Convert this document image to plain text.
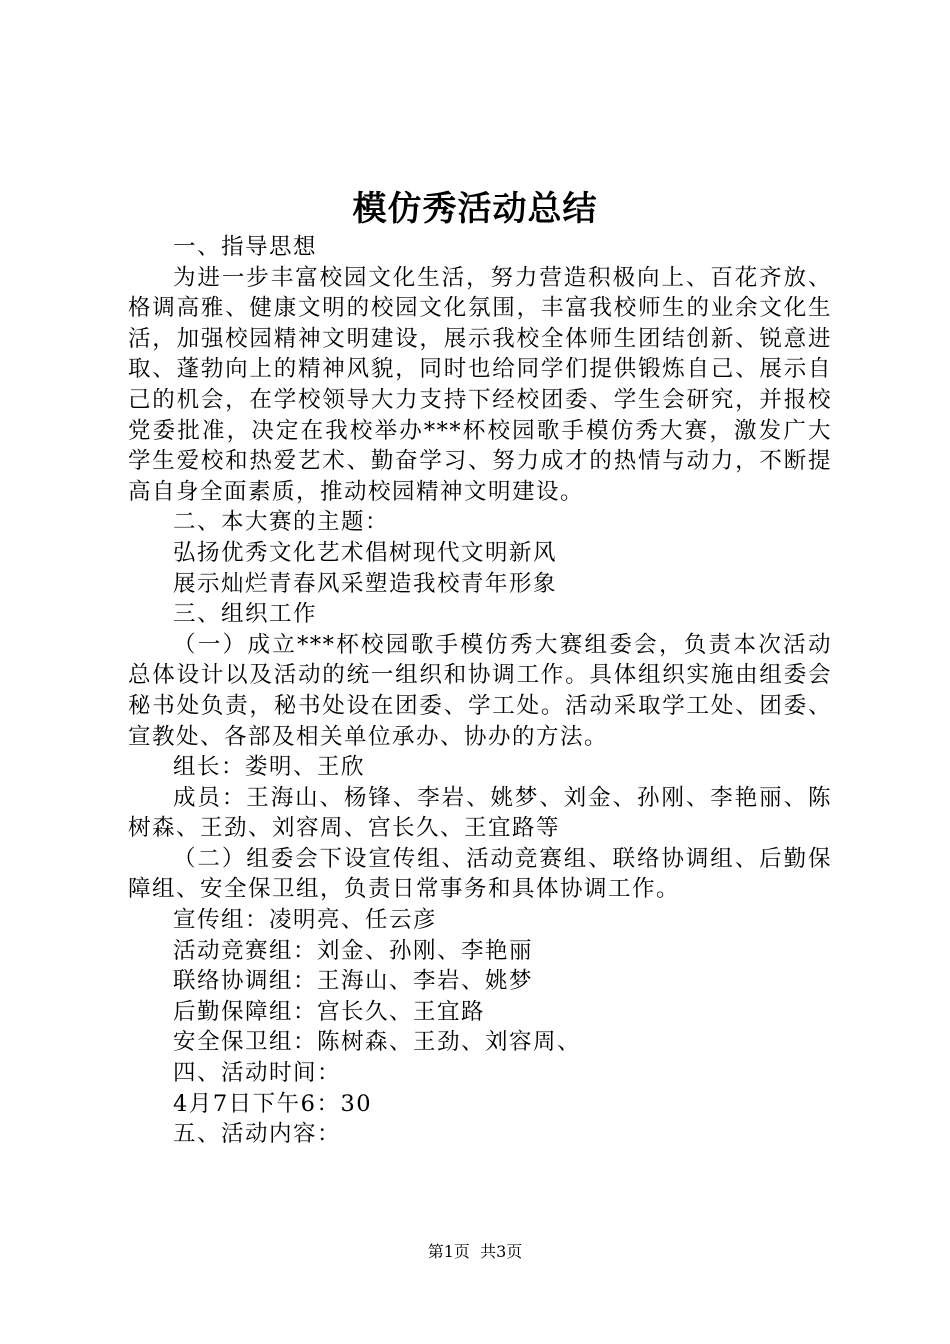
模仿秀活动总结

一、指导思想

为进一步丰富校园文化生活，努力营造积极向上、百花齐放、格调高雅、健康文明的校园文化氛围，丰富我校师生的业余文化生活，加强校园精神文明建设，展示我校全体师生团结创新、锐意进取、蓬勃向上的精神风貌，同时也给同学们提供锻炼自己、展示自己的机会，在学校领导大力支持下经校团委、学生会研究，并报校党委批准，决定在我校举办***杯校园歌手模仿秀大赛，激发广大学生爱校和热爱艺术、勤奋学习、努力成才的热情与动力，不断提高自身全面素质，推动校园精神文明建设。

二、本大赛的主题：

弘扬优秀文化艺术倡树现代文明新风

展示灿烂青春风采塑造我校青年形象

三、组织工作

（一）成立***杯校园歌手模仿秀大赛组委会，负责本次活动总体设计以及活动的统一组织和协调工作。具体组织实施由组委会秘书处负责，秘书处设在团委、学工处。活动采取学工处、团委、宣教处、各部及相关单位承办、协办的方法。

组长：娄明、王欣

成员：王海山、杨锋、李岩、姚梦、刘金、孙刚、李艳丽、陈树森、王劲、刘容周、宫长久、王宜路等

（二）组委会下设宣传组、活动竞赛组、联络协调组、后勤保障组、安全保卫组，负责日常事务和具体协调工作。

宣传组：凌明亮、任云彦

活动竞赛组：刘金、孙刚、李艳丽

联络协调组：王海山、李岩、姚梦

后勤保障组：宫长久、王宜路

安全保卫组：陈树森、王劲、刘容周、

四、活动时间：

4月7日下午6：30

五、活动内容：

第1页  共3页
